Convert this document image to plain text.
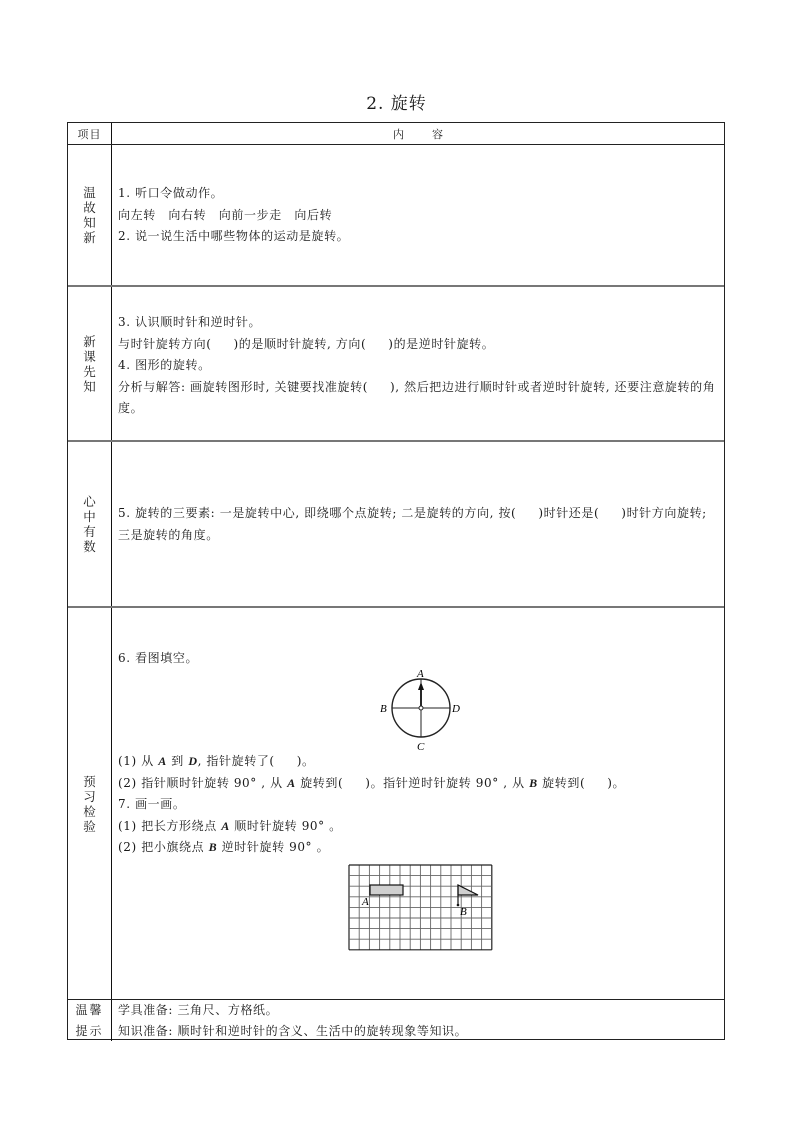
2. 旋转
项目	内	容
温
故
知
新

1. 听口令做动作。

向左转　向右转　向前一步走　向后转

2. 说一说生活中哪些物体的运动是旋转。

新
课
先
知

3. 认识顺时针和逆时针。

与时针旋转方向( )的是顺时针旋转, 方向( )的是逆时针旋转。

4. 图形的旋转。

分析与解答: 画旋转图形时, 关键要找准旋转( ), 然后把边进行顺时针或者逆时针旋转, 还要注意旋转的角度。

心
中
有
数

5. 旋转的三要素: 一是旋转中心, 即绕哪个点旋转; 二是旋转的方向, 按( )时针还是( )时针方向旋转; 三是旋转的角度。

预
习
检
验

6. 看图填空。

A
B	D
C

(1) 从 A 到 D, 指针旋转了( )。

(2) 指针顺时针旋转 90° , 从 A 旋转到( )。指针逆时针旋转 90° , 从 B 旋转到( )。

7. 画一画。

(1) 把长方形绕点 A 顺时针旋转 90° 。

(2) 把小旗绕点 B 逆时针旋转 90° 。

A
B
温馨
提示

学具准备: 三角尺、方格纸。

知识准备: 顺时针和逆时针的含义、生活中的旋转现象等知识。
